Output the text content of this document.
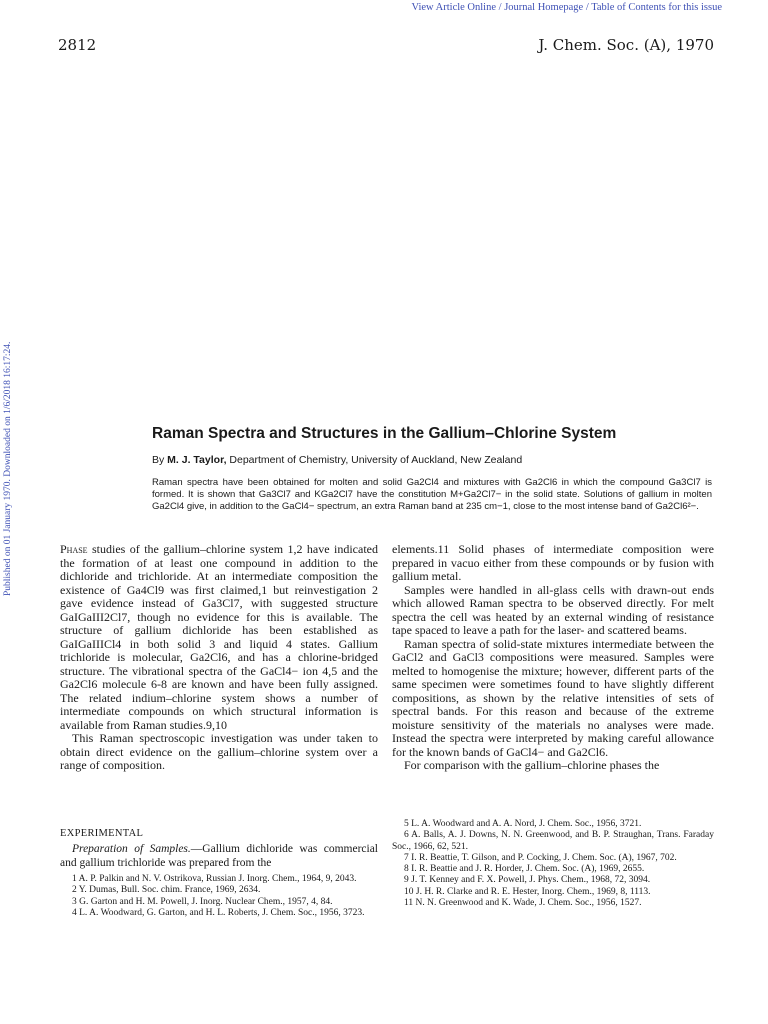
View Article Online / Journal Homepage / Table of Contents for this issue
2812	J. Chem. Soc. (A), 1970
Published on 01 January 1970. Downloaded on 1/6/2018 16:17:24.	Raman Spectra and Structures in the Gallium–Chlorine System
By M. J. Taylor, Department of Chemistry, University of Auckland, New Zealand
Raman spectra have been obtained for molten and solid Ga2Cl4 and mixtures with Ga2Cl6 in which the compound Ga3Cl7 is formed. It is shown that Ga3Cl7 and KGa2Cl7 have the constitution M+Ga2Cl7− in the solid state. Solutions of gallium in molten Ga2Cl4 give, in addition to the GaCl4− spectrum, an extra Raman band at 235 cm−1, close to the most intense band of Ga2Cl6²−.

Phase studies of the gallium–chlorine system 1,2 have indicated the formation of at least one compound in addition to the dichloride and trichloride. At an intermediate composition the existence of Ga4Cl9 was first claimed,1 but reinvestigation 2 gave evidence instead of Ga3Cl7, with suggested structure GaIGaIII2Cl7, though no evidence for this is available. The structure of gallium dichloride has been established as GaIGaIIICl4 in both solid 3 and liquid 4 states. Gallium trichloride is molecular, Ga2Cl6, and has a chlorine-bridged structure. The vibrational spectra of the GaCl4− ion 4,5 and the Ga2Cl6 molecule 6-8 are known and have been fully assigned. The related indium–chlorine system shows a number of intermediate compounds on which structural information is available from Raman studies.9,10

This Raman spectroscopic investigation was under taken to obtain direct evidence on the gallium–chlorine system over a range of composition.

EXPERIMENTAL
Preparation of Samples.—Gallium dichloride was commercial and gallium trichloride was prepared from the

1 A. P. Palkin and N. V. Ostrikova, Russian J. Inorg. Chem., 1964, 9, 2043.

2 Y. Dumas, Bull. Soc. chim. France, 1969, 2634.

3 G. Garton and H. M. Powell, J. Inorg. Nuclear Chem., 1957, 4, 84.

4 L. A. Woodward, G. Garton, and H. L. Roberts, J. Chem. Soc., 1956, 3723.

elements.11 Solid phases of intermediate composition were prepared in vacuo either from these compounds or by fusion with gallium metal.

Samples were handled in all-glass cells with drawn-out ends which allowed Raman spectra to be observed directly. For melt spectra the cell was heated by an external winding of resistance tape spaced to leave a path for the laser- and scattered beams.

Raman spectra of solid-state mixtures intermediate between the GaCl2 and GaCl3 compositions were measured. Samples were melted to homogenise the mixture; however, different parts of the same specimen were sometimes found to have slightly different compositions, as shown by the relative intensities of sets of spectral bands. For this reason and because of the extreme moisture sensitivity of the materials no analyses were made. Instead the spectra were interpreted by making careful allowance for the known bands of GaCl4− and Ga2Cl6.

For comparison with the gallium–chlorine phases the

5 L. A. Woodward and A. A. Nord, J. Chem. Soc., 1956, 3721.

6 A. Balls, A. J. Downs, N. N. Greenwood, and B. P. Straughan, Trans. Faraday Soc., 1966, 62, 521.

7 I. R. Beattie, T. Gilson, and P. Cocking, J. Chem. Soc. (A), 1967, 702.

8 I. R. Beattie and J. R. Horder, J. Chem. Soc. (A), 1969, 2655.

9 J. T. Kenney and F. X. Powell, J. Phys. Chem., 1968, 72, 3094.

10 J. H. R. Clarke and R. E. Hester, Inorg. Chem., 1969, 8, 1113.

11 N. N. Greenwood and K. Wade, J. Chem. Soc., 1956, 1527.
